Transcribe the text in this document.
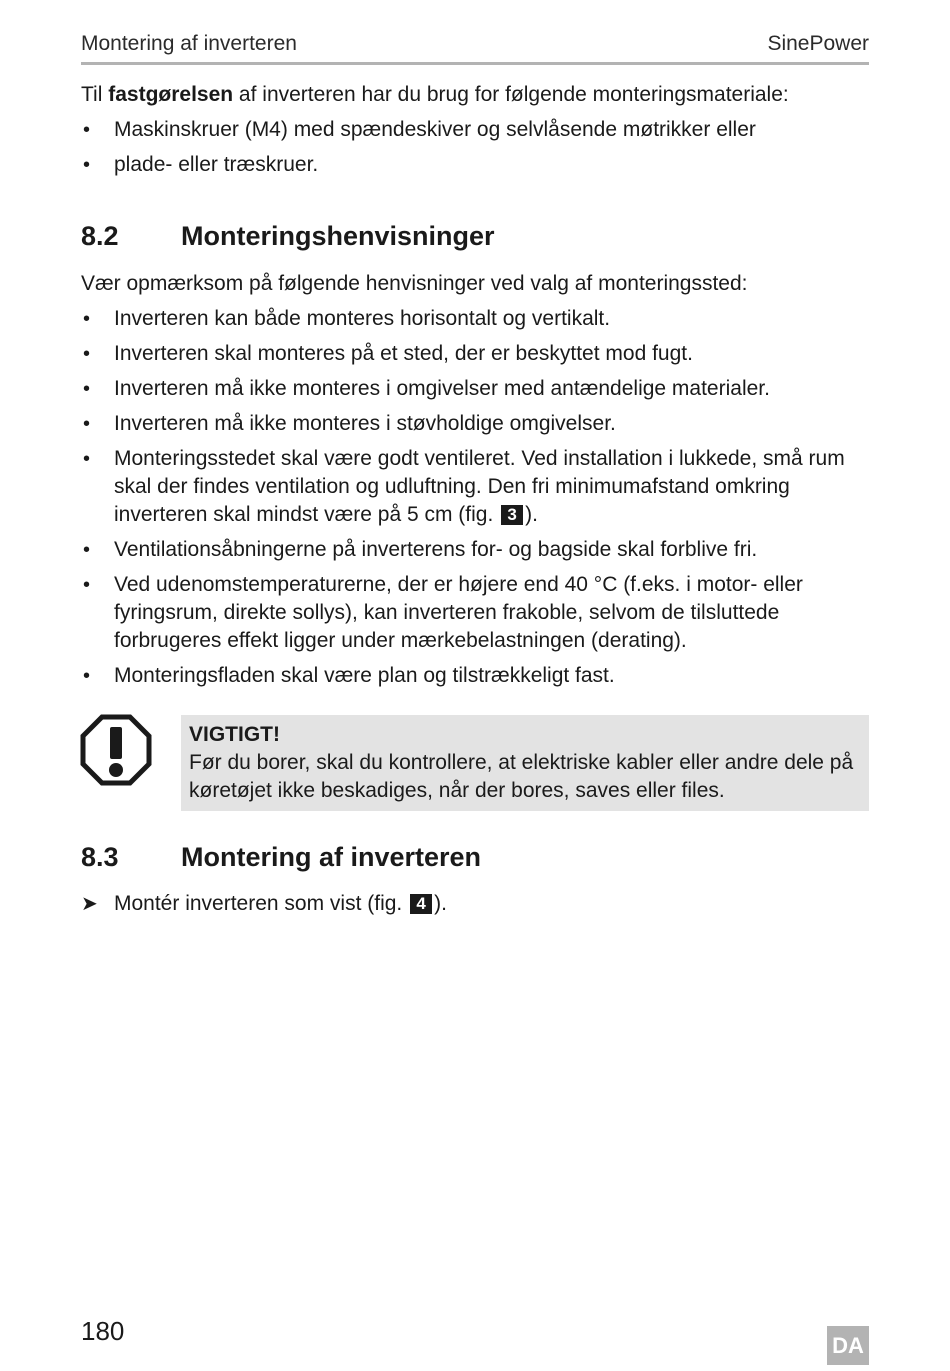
Montering af inverteren	SinePower
Til fastgørelsen af inverteren har du brug for følgende monteringsmateriale:
• Maskinskruer (M4) med spændeskiver og selvlåsende møtrikker eller
• plade- eller træskruer.
8.2 Monteringshenvisninger
Vær opmærksom på følgende henvisninger ved valg af monteringssted:
• Inverteren kan både monteres horisontalt og vertikalt.
• Inverteren skal monteres på et sted, der er beskyttet mod fugt.
• Inverteren må ikke monteres i omgivelser med antændelige materialer.
• Inverteren må ikke monteres i støvholdige omgivelser.
• Monteringsstedet skal være godt ventileret. Ved installation i lukkede, små rum skal der findes ventilation og udluftning. Den fri minimumafstand omkring inverteren skal mindst være på 5 cm (fig. 3 ).
• Ventilationsåbningerne på inverterens for- og bagside skal forblive fri.
• Ved udenomstemperaturerne, der er højere end 40 °C (f.eks. i motor- eller fyringsrum, direkte sollys), kan inverteren frakoble, selvom de tilsluttede forbrugeres effekt ligger under mærkebelastningen (derating).
• Monteringsfladen skal være plan og tilstrækkeligt fast.
VIGTIGT!
Før du borer, skal du kontrollere, at elektriske kabler eller andre dele på køretøjet ikke beskadiges, når der bores, saves eller files.
8.3 Montering af inverteren
➤ Montér inverteren som vist (fig. 4 ).
180	DA
